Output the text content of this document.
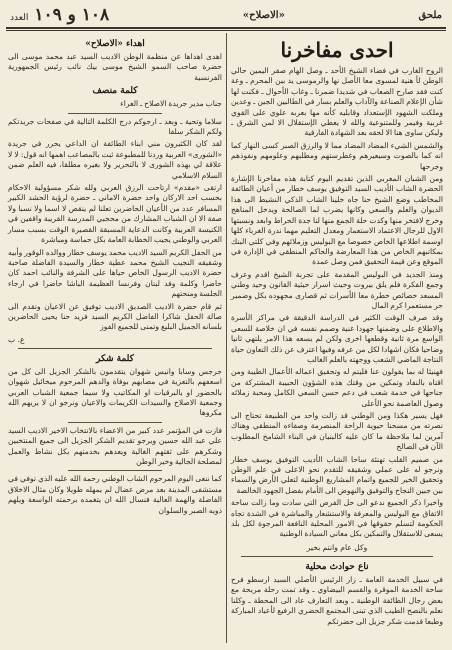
١٠٨ و ١٠٩
العدد	«الاصلاح»	ملحق
احدى مفاخرنا

الروح الغارب في فضاء الشيخ الأحد ـ وصل الهام صقر اليمين حالي الوطن لأ هنية لمسوى معا الأصل نها والرموسى يد بين المحرم ـ وعة كنت فقد صارح الصعاب في شديدا ضمرنا ـ وغاب الأحوال ـ فكنت لها شأن الإعلام الصناعة والآداب والعلم بسار في الطالبين الجين ـ وعدين وملكت الشهود الإستعداد وقابليه كأنه مها بعربه علوي على القوي غربية وفيمر وللمتنوعية والله لا يعطي الإستقلال الا لمن الشرق ـ وليكن ساوى هنا الا لحقه بعد الشهادة الفارقية

والشمس الشيء المضاد المضاد مما لا والرزق الصبر كسى النهار كما انه كما بالصوت وسيعيرهم وغطرستهم ومطلبهم وعلومهم ونفوذهم وجرحها

ومن الشبان المغربي الذين تقديم اليوم كتابة هذه مفاخرنا الإشارة الحضرة الشاب الأديب السيد التوفيق يوسف خطار من أعيان الطائفة المخاطب وضع الشيخ حنا جاه خلينا الشاب الذكي النشيط الى هذا الديوان والعلم والسعي وكانها يضرب لما الصالحة ويدخل المناهج وخرج لافتخر منها وكدت حلة الجمع منها لنا جدة الحراط وابعد ونسبتها الاول للرجال الاعتماد الاستعمار ومعدل التعليم مهما ندرة الغرباء كلها اوسمة اطلاعها الخاص خصوصا مع البوليس وزملائهم وفي كلتي البنك بمكاتبهم الخاص من هذا المعارضة والحاكم المنطقي في الإدارة في الموقع وعن قيمة التحقيق فمن وصل عمدة

ومنذ الجديد في البوليس المقدمة على تجربة الشيخ اقدم وعرف وجمع الفكرة فلم يلق بيروت وحيث اسرار حيثية القانون وحيد وطني المسعد خصائص خطرة معا الأسرات ثم قصارى مجهوده بكل وضمير حر مستعمرا كرم المال

وقد صرف الوقت الكثير في الدراسة الدقيقة في مراكز الأسرة والاطلاع على وضمنها جهودا غنية وصمم نفسه في ان خلاصة للسعي الواسع مرة ثانية وقطعها اخرى ولكن لم يسعه هذا الامر يلتهي ثانيا وضاحيا فكان اشهادا لكل من عرفه وفيها اعترف عن ذلك التعاون حياة النتاجة الماضي الشعب ووجهته بالعلم الغالب

فهنيئا له بما يقولون عنا فليتم له وتحقيق اعماله الأعمال الطيبة ومن اقتاه بالنفاد وتمكين من وقتك هذه الشؤون الحبيبة المشتركة من جناحها في خدمة شعب في دعم حسن السعي الكامل ومحبة زملائه وصول العاصمة نحو الأعلى

فهل يسير هكذا ومن الوطني قد زالت واحد من الطبيعة تحتاج الى نصرته من مسحنا حيوية الراحة المنصرمة وصفاءه المنطقي وهناك آمرين لما ملاحظة ما كان عليه كالبنيان في البناء الشامخ المطلوب الآن في الصالح

من صميم القلب تهنئة ساحا الشاب الأديب التوفيق يوسف خطار ونرجو له على عملي وشقيقه للتقدم نحو الاعلى في علم الوطن وتحقيق الخير للجميع واتمام المشاريع الوطنية لتعلي الأرض والسماء بين جبين النجاح والتوفيق والنهوض الى الأمام بفضل الجهود الخالصة

واخيرا ذكر الجميع ندعو الى حل الفرص التي سادت وما زالت ساحة الاتفاق مع البوليس والمعرفة والاستشعار والمباشرة في الشدة تجاه الحكومة لتسلم حقوقها في الامور المحلية النافعة المرجوة لكل بلد يسعى للاستقلال والتمكين بكل معاني السيادة الوطنية

وكل عام وانتم بخير
ناع حوادث محلية

في سبيل الخدمة العامة ـ زار الرئيس الأصلي السيد ارسطو فرح ساحة الخدمة الموقرة والقسم البيضاوي ـ وقد تمت رحلة مريحة مع بعض رجال الطائفة الوطنية ـ وبعد التعارف عاد الى المحطة ـ وكلنا نعلم بالنصح الطيب الذي تبنى المجتمع الحضري الرفيع لأعياد المباركة وطبعا قدمت شكر جزيل الى حضرتكم

اهداء «الاصلاح»

اهدى اهداها عن منظمة الوطن الاديب السيد عبد محمد موسى الى حضرة صاحب السمو الشيخ موسى بيك نائب رئيس الجمهورية الفرنسية

كلمة منصف

جناب مدير جريدة الاصلاح ـ الغراء

سلاما وتحية ـ وبعد ـ ارجوكم درج الكلمة التالية في صفحات جريدتكم ولكم الشكر سلفا

لقد كان الكثيرون مني ابناء الطائفة ان الداعي يحرر في جريدة «الشورى» العربية وردنا للمطبوعة ثبت بالمصاعب اهمها انه قول: لا لا علاقة لي بهذه الشورى لا بالتحرير ولا بغيره مطلقا، فيه العلم ضمن السلام الاسلامي

ارتقى «مقدم» ارتاحت الرزق العربي ولله شكر مسؤولية الاحكام بحسب احد الاركان واحد حضرة الاماني ـ حضرة لرؤية الحشد الكبير المسافر عدد من الأعيان الحاضرين تعلنا لم ينقص لا اسما ولا نسبا ولا صفة الا ان الشباب المشارك من محجبي المدرسة القريبة واقفين في الكنيسة العربية وكانت الدعاية المسبقة القصيرة الوقت بسبب مسار العربي والوطني يجيب الخطابة العامة بكل حماسة ومباشرة

من الحفل الكريم السيد الاديب محمد يوسف خطار ووالده الوقور وأبيه وشقيقه النجيب الشيخ محمد عطية خطار والسيدة الفاضلة صاحبة حضرة الاديب الرسول الخاص حياها على الشرفة والنائب احمد كان حاضرا وكلمة وفد لبنان وفرنسا العظيمة الباشا حاضرا في ارجاء الجلسة ومنحتهم

ثم قام حضرة الاديب الصديق الاديب توفيق عن الاعيان وتقدم الى صالة الحفل شاكرا الفاضل الكريم السيد فريد حنا يحيى الحاضرين بلسانه الجميل البليغ وتمنى للجميع الفوز

ع. ب
كلمة شكر

جرجس وسابا وانيس شهوان يتقدمون بالشكر الجزيل الى كل من اسعفهم بالتعزية في مصابهم بوفاة والدهم المرحوم ميخائيل شهوان بالحضور او بالبرقيات او المكاتيب ولا سيما جمعية الشباب العربي وجمعية الاصلاح والسيدات الكريمات والاعيان ونرجو ان لا يريهم الله مكروها

فازت في المؤتمر عدد كبير من الاعضاء بالانتخاب الاخير الاديب السيد علي عبد الله حسين ويرجو تقديم الشكر الجزيل الى جميع المنتخبين وشكرهم على ثقتهم الغالية ويعدهم بخدمتهم بكل نشاط والعمل لمصلحة الجالية وخير الوطن

كما ننعى اليوم المرحوم الشاب الوطني رحمة الله عليه الذي توفي في مستشفى المدينة بعد مرض عضال لم يمهله طويلا وكان مثال الاخلاق الفاضلة والهمة العالية فنسال الله ان يتغمده برحمته الواسعة ويلهم ذويه الصبر والسلوان
